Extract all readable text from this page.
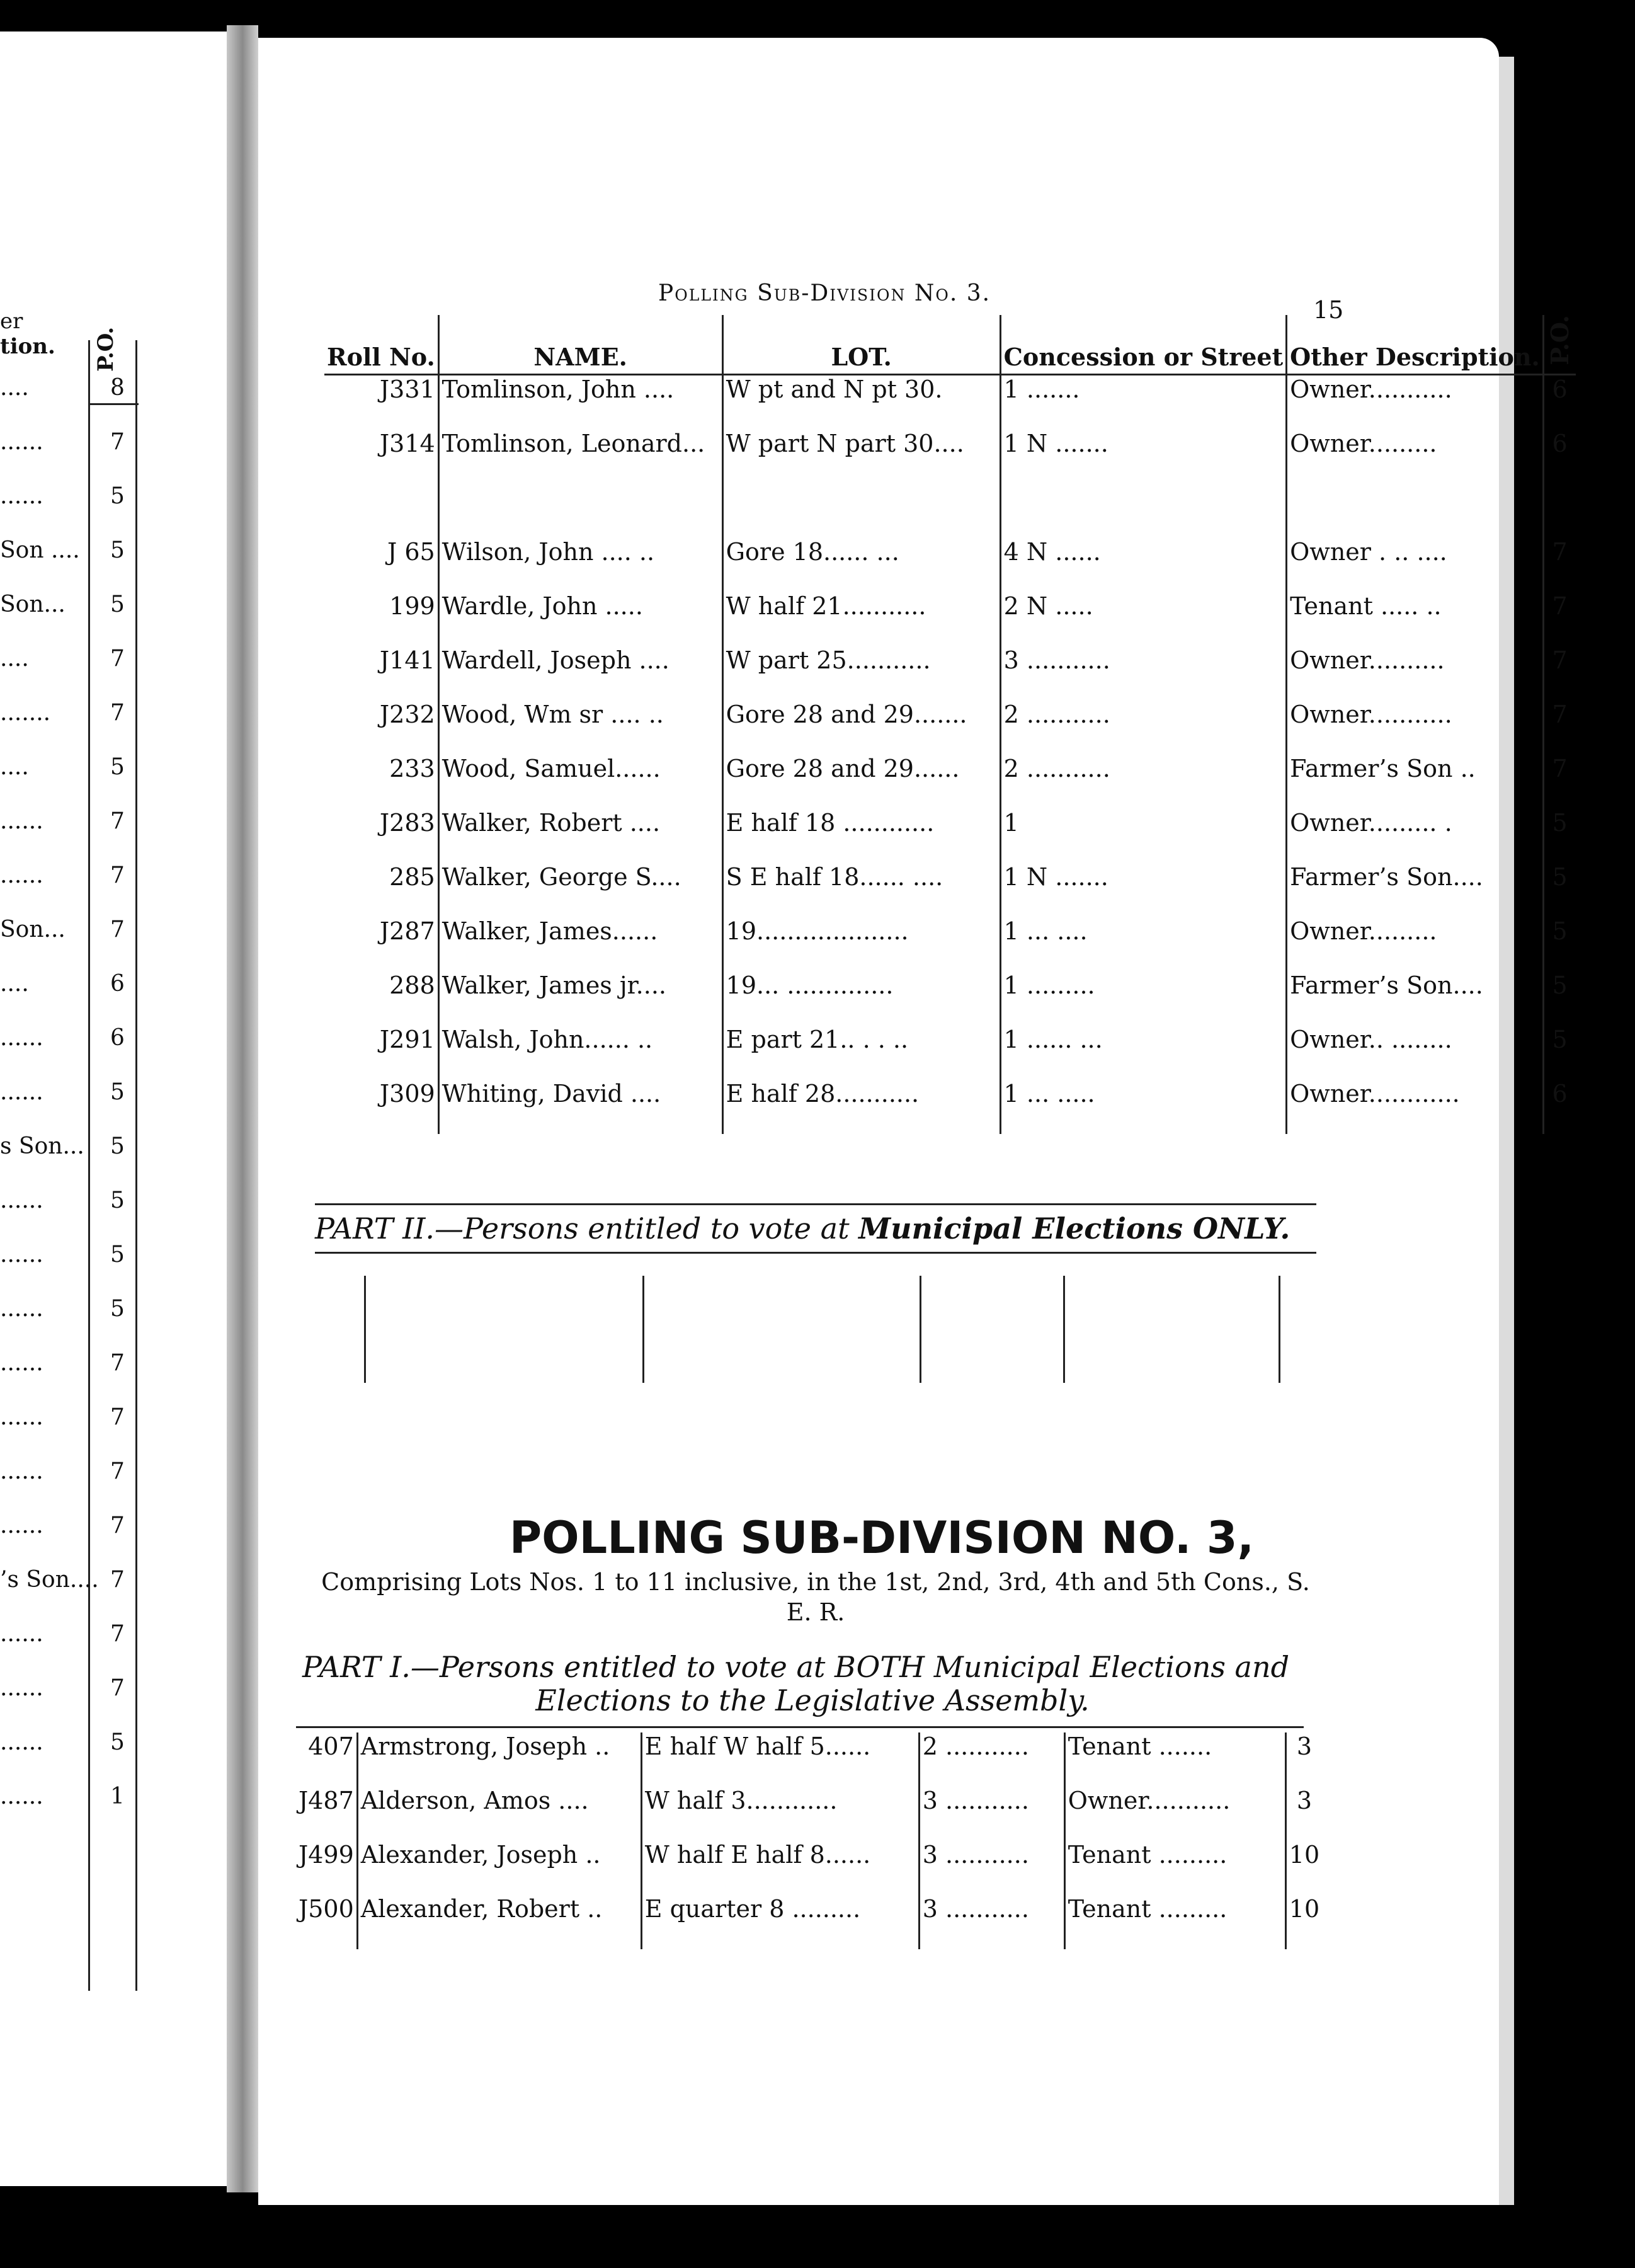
er
tion. P.O.
....	8
......	7
......	5
Son .... 5
Son... 5
....	7
.......	7
....	5
......	7
......	7
Son... 7
....	6
......	6
......	5
s Son... 5
......	5
......	5
......	5
......	7
......	7
......	7
......	7
’s Son.... 7
......	7
......	7
......	5
......	1
Polling Sub-Division No. 3.
15
Roll No.	NAME.	LOT.	Concession or Street	Other Description.	P.O.
J331	Tomlinson, John ....	W pt and N pt 30.	1 .......	Owner...........	6
J314	Tomlinson, Leonard...	W part N part 30....	1 N .......	Owner.........	6

J 65	Wilson, John .... ..	Gore 18...... ...	4 N ......	Owner . .. ....	7
199	Wardle, John .....	W half 21...........	2 N .....	Tenant ..... ..	7
J141	Wardell, Joseph ....	W part 25...........	3 ...........	Owner..........	7
J232	Wood, Wm sr .... ..	Gore 28 and 29.......	2 ...........	Owner...........	7
233	Wood, Samuel......	Gore 28 and 29......	2 ...........	Farmer’s Son ..	7
J283	Walker, Robert ....	E half 18 ............	1	Owner......... .	5
285	Walker, George S....	S E half 18...... ....	1 N .......	Farmer’s Son....	5
J287	Walker, James......	19....................	1 ... ....	Owner.........	5
288	Walker, James jr....	19... ..............	1 .........	Farmer’s Son....	5
J291	Walsh, John...... ..	E part 21.. . . ..	1 ...... ...	Owner.. ........	5
J309	Whiting, David ....	E half 28...........	1 ... .....	Owner............	6
PART II.—Persons entitled to vote at Municipal Elections ONLY.
POLLING SUB-DIVISION NO. 3,
Comprising Lots Nos. 1 to 11 inclusive, in the 1st, 2nd, 3rd, 4th and 5th Cons., S. E. R.
PART I.—Persons entitled to vote at BOTH Municipal Elections and
Elections to the Legislative Assembly.
407	Armstrong, Joseph ..	E half W half 5......	2 ...........	Tenant .......	3
J487	Alderson, Amos ....	W half 3............	3 ...........	Owner...........	3
J499	Alexander, Joseph ..	W half E half 8......	3 ...........	Tenant .........	10
J500	Alexander, Robert ..	E quarter 8 .........	3 ...........	Tenant .........	10
